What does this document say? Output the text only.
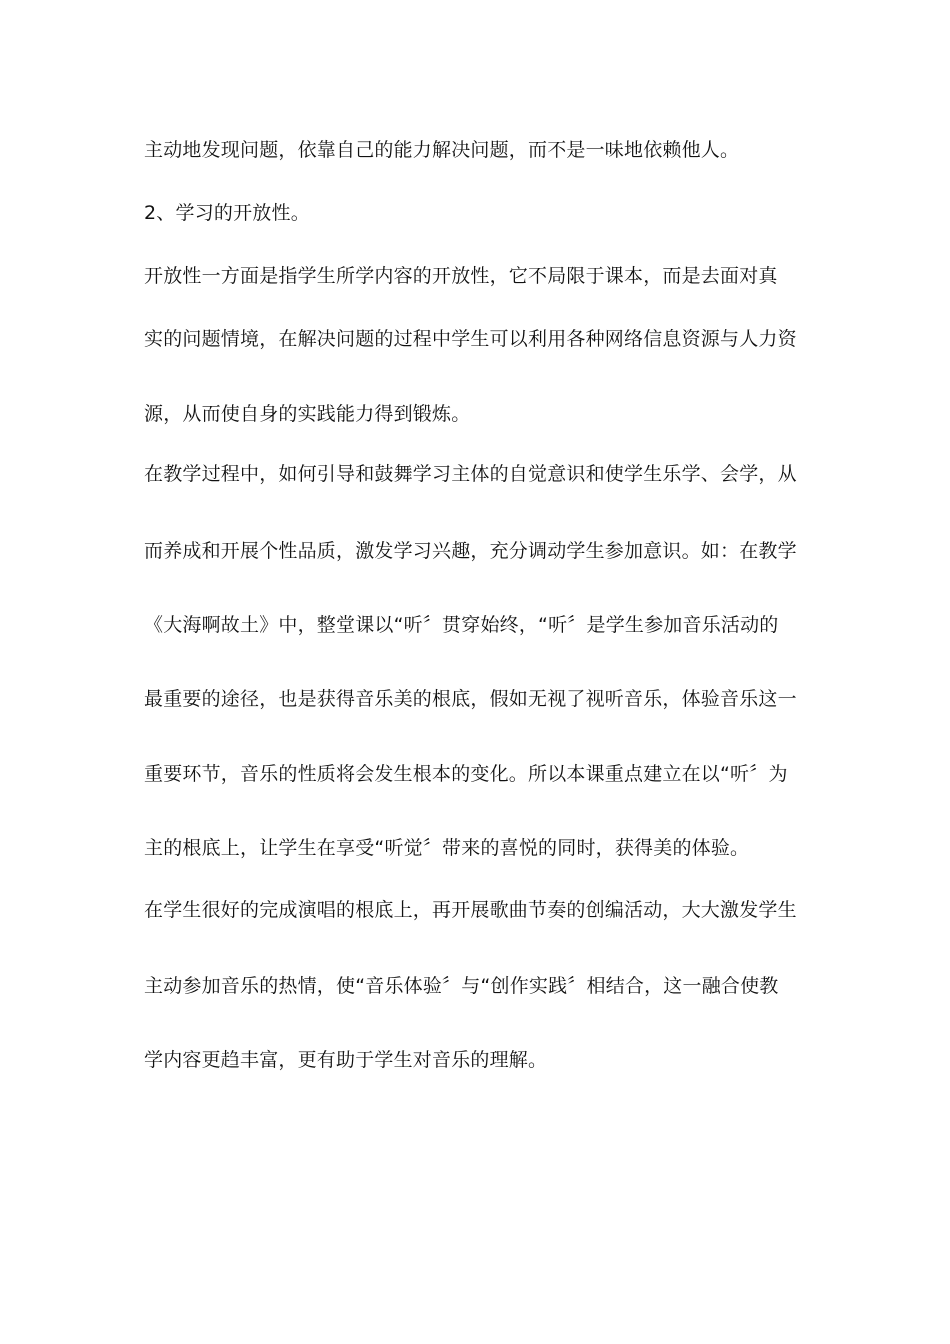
主动地发现问题，依靠自己的能力解决问题，而不是一味地依赖他人。
2、学习的开放性。
开放性一方面是指学生所学内容的开放性，它不局限于课本，而是去面对真
实的问题情境，在解决问题的过程中学生可以利用各种网络信息资源与人力资
源，从而使自身的实践能力得到锻炼。
在教学过程中，如何引导和鼓舞学习主体的自觉意识和使学生乐学、会学，从
而养成和开展个性品质，激发学习兴趣，充分调动学生参加意识。如：在教学
《大海啊故土》中，整堂课以“听〞贯穿始终，“听〞是学生参加音乐活动的
最重要的途径，也是获得音乐美的根底，假如无视了视听音乐，体验音乐这一
重要环节，音乐的性质将会发生根本的变化。所以本课重点建立在以“听〞为
主的根底上，让学生在享受“听觉〞带来的喜悦的同时，获得美的体验。
在学生很好的完成演唱的根底上，再开展歌曲节奏的创编活动，大大激发学生
主动参加音乐的热情，使“音乐体验〞与“创作实践〞相结合，这一融合使教
学内容更趋丰富，更有助于学生对音乐的理解。
